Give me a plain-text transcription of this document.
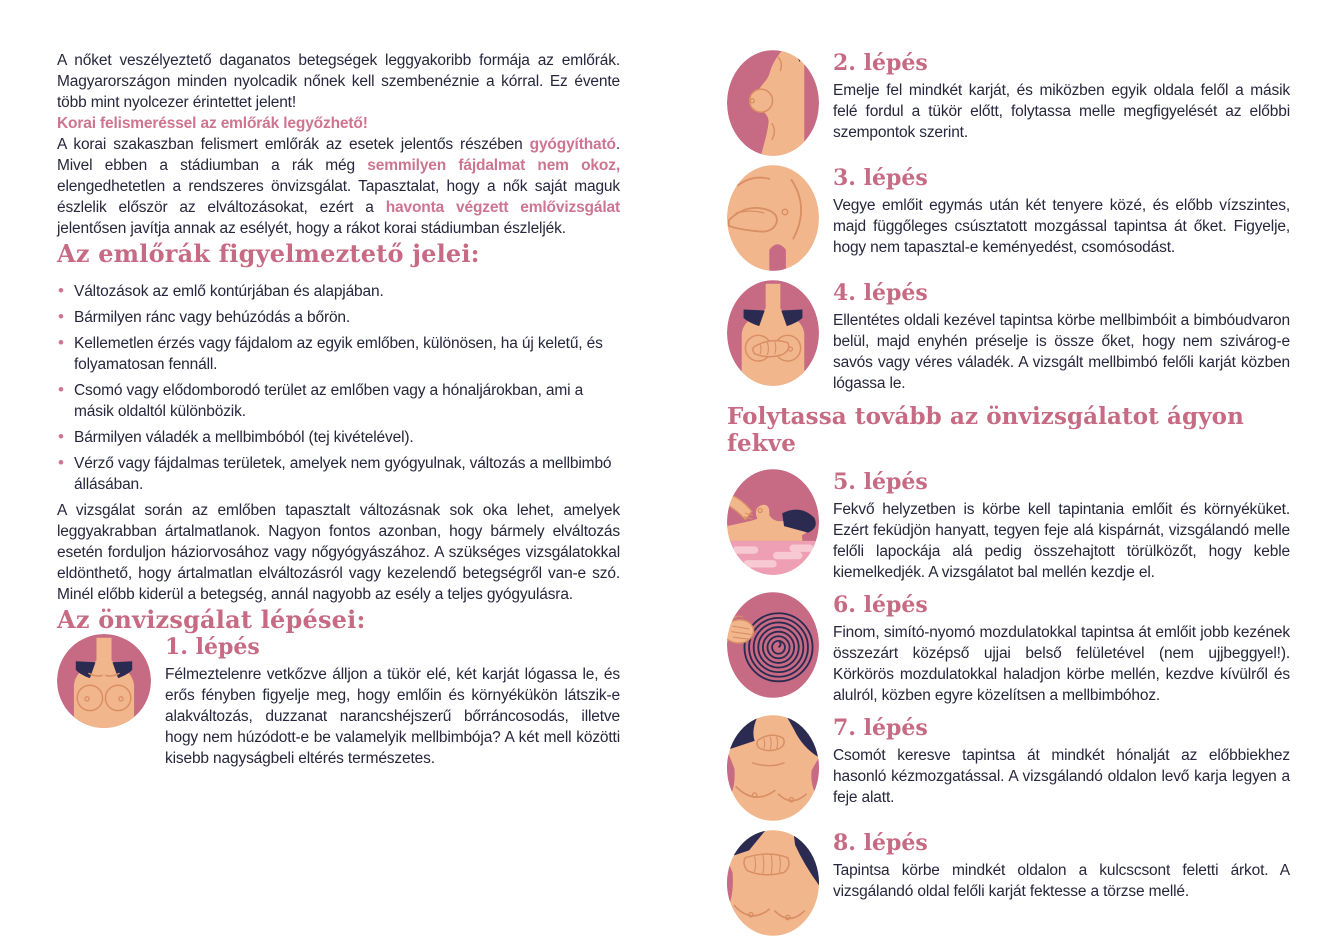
A nőket veszélyeztető daganatos betegségek leggyakoribb formája az emlőrák. Magyarországon minden nyolcadik nőnek kell szembenéznie a kórral. Ez évente több mint nyolcezer érintettet jelent!

Korai felismeréssel az emlőrák legyőzhető!

A korai szakaszban felismert emlőrák az esetek jelentős részében gyógyítható. Mivel ebben a stádiumban a rák még semmilyen fájdalmat nem okoz, elengedhetetlen a rendszeres önvizsgálat. Tapasztalat, hogy a nők saját maguk észlelik először az elváltozásokat, ezért a havonta végzett emlővizsgálat jelentősen javítja annak az esélyét, hogy a rákot korai stádiumban észleljék.

Az emlőrák figyelmeztető jelei:
• Változások az emlő kontúrjában és alapjában.
• Bármilyen ránc vagy behúzódás a bőrön.
• Kellemetlen érzés vagy fájdalom az egyik emlőben, különösen, ha új keletű, és folyamatosan fennáll.
• Csomó vagy elődomborodó terület az emlőben vagy a hónaljárokban, ami a másik oldaltól különbözik.
• Bármilyen váladék a mellbimbóból (tej kivételével).
• Vérző vagy fájdalmas területek, amelyek nem gyógyulnak, változás a mellbimbó állásában.

A vizsgálat során az emlőben tapasztalt változásnak sok oka lehet, amelyek leggyakrabban ártalmatlanok. Nagyon fontos azonban, hogy bármely elváltozás esetén forduljon háziorvosához vagy nőgyógyászához. A szükséges vizsgálatokkal eldönthető, hogy ártalmatlan elváltozásról vagy kezelendő betegségről van-e szó. Minél előbb kiderül a betegség, annál nagyobb az esély a teljes gyógyulásra.

Az önvizsgálat lépései:
1. lépés

Félmeztelenre vetkőzve álljon a tükör elé, két karját lógassa le, és erős fényben figyelje meg, hogy emlőin és környékükön látszik-e alakváltozás, duzzanat narancshéjszerű bőrráncosodás, illetve hogy nem húzódott-e be valamelyik mellbimbója? A két mell közötti kisebb nagyságbeli eltérés természetes.

2. lépés

Emelje fel mindkét karját, és miközben egyik oldala felől a másik felé fordul a tükör előtt, folytassa melle megfigyelését az előbbi szempontok szerint.

3. lépés

Vegye emlőit egymás után két tenyere közé, és előbb vízszintes, majd függőleges csúsztatott mozgással tapintsa át őket. Figyelje, hogy nem tapasztal-e keményedést, csomósodást.

4. lépés

Ellentétes oldali kezével tapintsa körbe mellbimbóit a bimbóudvaron belül, majd enyhén préselje is össze őket, hogy nem szivárog-e savós vagy véres váladék. A vizsgált mellbimbó felőli karját közben lógassa le.

Folytassa tovább az önvizsgálatot ágyon fekve
5. lépés

Fekvő helyzetben is körbe kell tapintania emlőit és környéküket. Ezért feküdjön hanyatt, tegyen feje alá kispárnát, vizsgálandó melle felőli lapockája alá pedig összehajtott törülközőt, hogy keble kiemelkedjék. A vizsgálatot bal mellén kezdje el.

6. lépés

Finom, simító-nyomó mozdulatokkal tapintsa át emlőit jobb kezének összezárt középső ujjai belső felületével (nem ujjbeggyel!). Körkörös mozdulatokkal haladjon körbe mellén, kezdve kívülről és alulról, közben egyre közelítsen a mellbimbóhoz.

7. lépés

Csomót keresve tapintsa át mindkét hónalját az előbbiekhez hasonló kézmozgatással. A vizsgálandó oldalon levő karja legyen a feje alatt.

8. lépés

Tapintsa körbe mindkét oldalon a kulcscsont feletti árkot. A vizsgálandó oldal felőli karját fektesse a törzse mellé.
